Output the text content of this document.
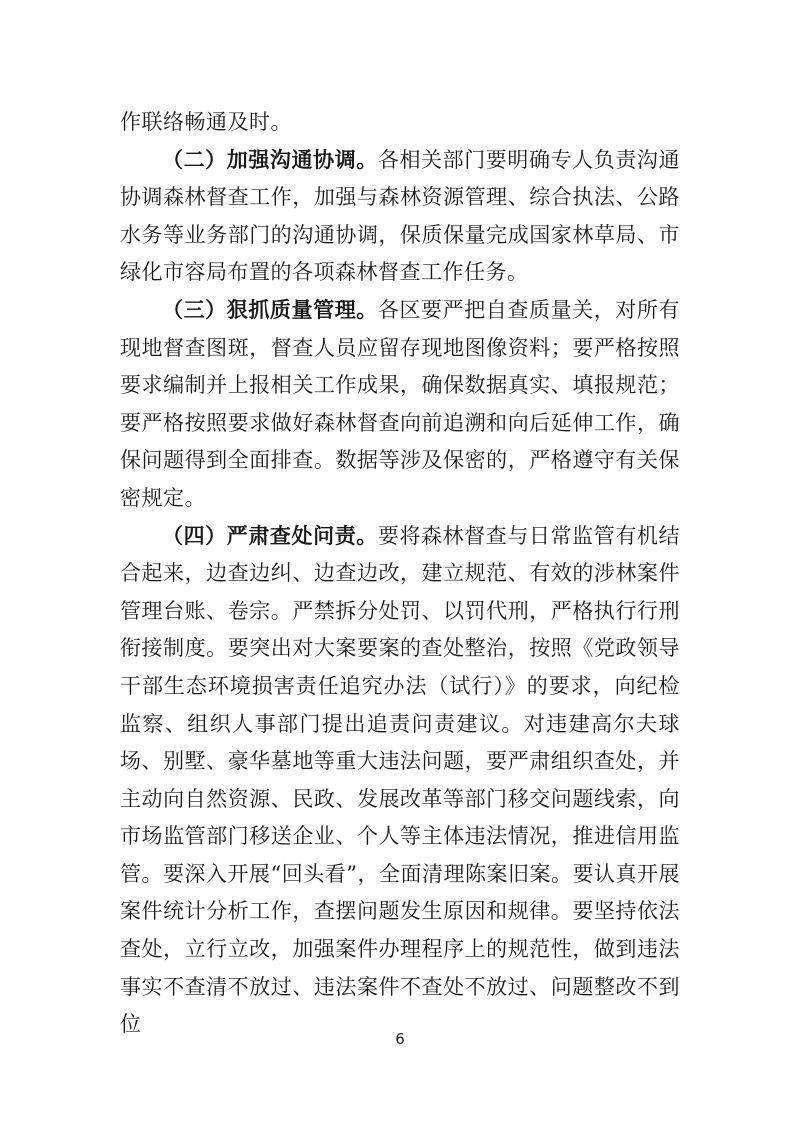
作联络畅通及时。

（二）加强沟通协调。各相关部门要明确专人负责沟通协调森林督查工作，加强与森林资源管理、综合执法、公路水务等业务部门的沟通协调，保质保量完成国家林草局、市绿化市容局布置的各项森林督查工作任务。

（三）狠抓质量管理。各区要严把自查质量关，对所有现地督查图斑，督查人员应留存现地图像资料；要严格按照要求编制并上报相关工作成果，确保数据真实、填报规范；要严格按照要求做好森林督查向前追溯和向后延伸工作，确保问题得到全面排查。数据等涉及保密的，严格遵守有关保密规定。

（四）严肃查处问责。要将森林督查与日常监管有机结合起来，边查边纠、边查边改，建立规范、有效的涉林案件管理台账、卷宗。严禁拆分处罚、以罚代刑，严格执行行刑衔接制度。要突出对大案要案的查处整治，按照《党政领导干部生态环境损害责任追究办法（试行）》的要求，向纪检监察、组织人事部门提出追责问责建议。对违建高尔夫球场、别墅、豪华墓地等重大违法问题，要严肃组织查处，并主动向自然资源、民政、发展改革等部门移交问题线索，向市场监管部门移送企业、个人等主体违法情况，推进信用监管。要深入开展“回头看”，全面清理陈案旧案。要认真开展案件统计分析工作，查摆问题发生原因和规律。要坚持依法查处，立行立改，加强案件办理程序上的规范性，做到违法事实不查清不放过、违法案件不查处不放过、问题整改不到位

6
